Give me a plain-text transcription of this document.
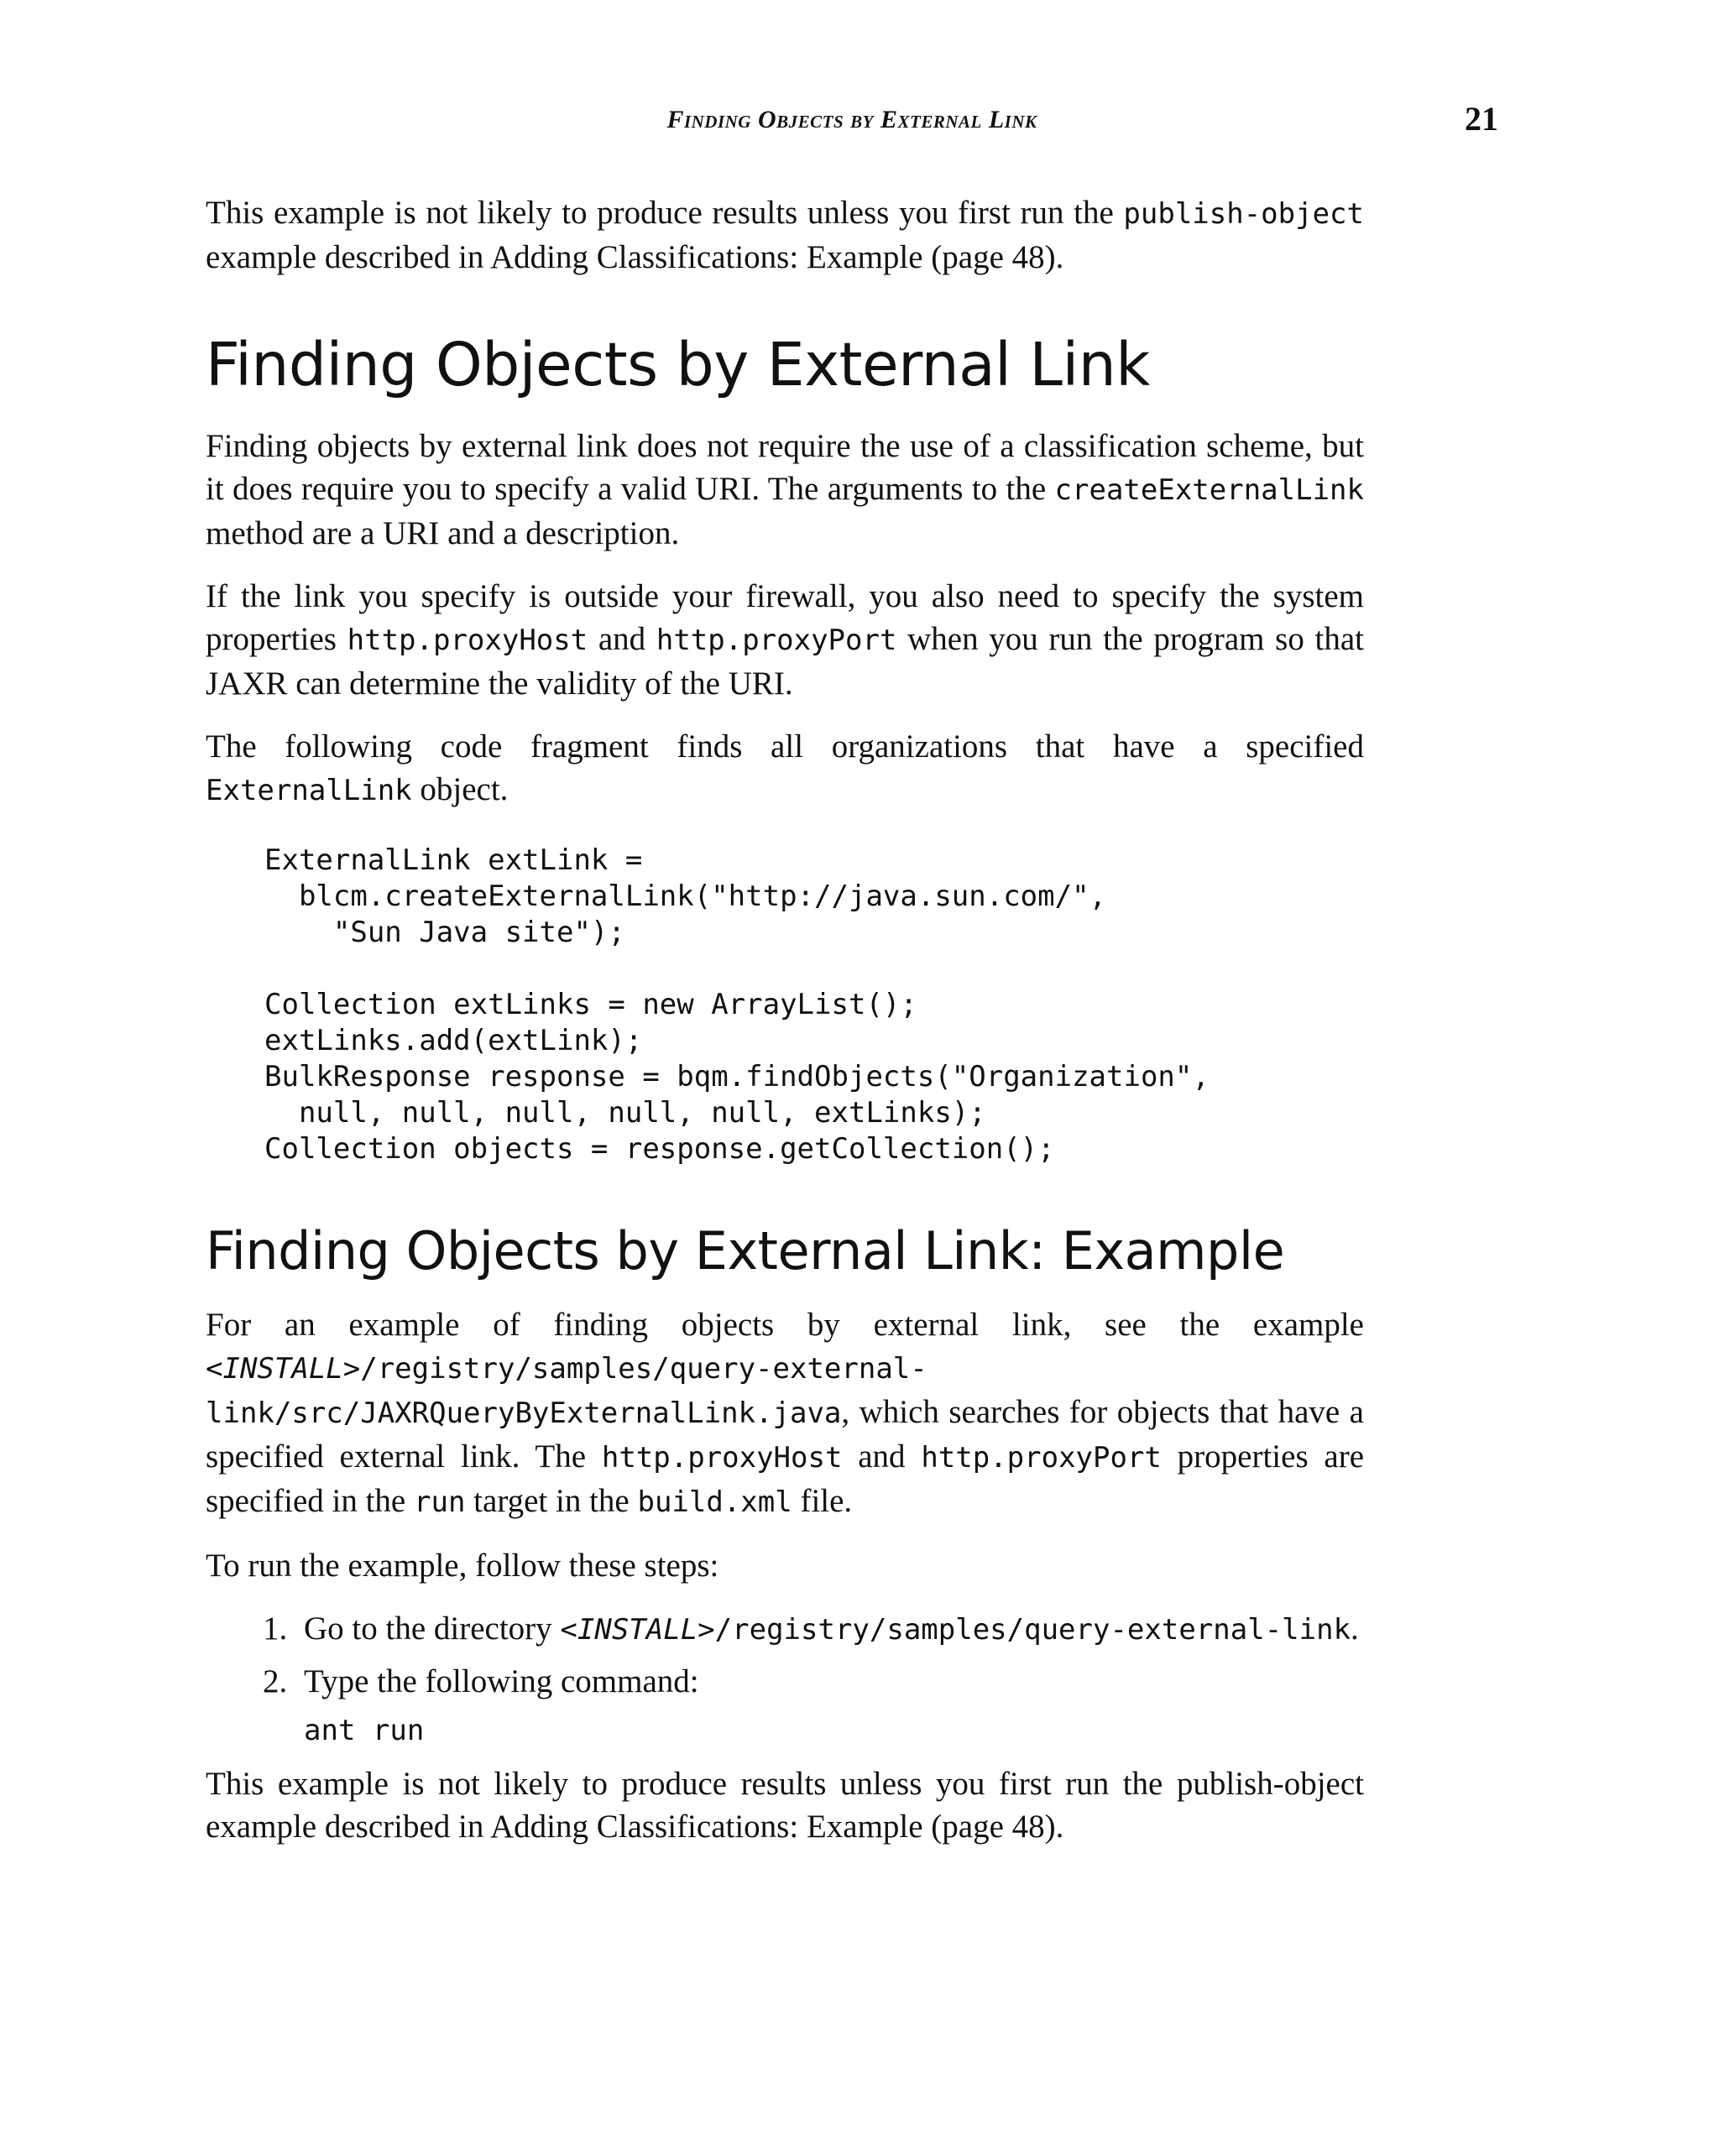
Finding Objects by External Link	21

This example is not likely to produce results unless you first run the publish-object example described in Adding Classifications: Example (page 48).

Finding Objects by External Link

Finding objects by external link does not require the use of a classification scheme, but it does require you to specify a valid URI. The arguments to the createExternalLink method are a URI and a description.

If the link you specify is outside your firewall, you also need to specify the system properties http.proxyHost and http.proxyPort when you run the program so that JAXR can determine the validity of the URI.

The following code fragment finds all organizations that have a specified ExternalLink object.

ExternalLink extLink =
blcm.createExternalLink("http://java.sun.com/",
"Sun Java site");

Collection extLinks = new ArrayList();
extLinks.add(extLink);
BulkResponse response = bqm.findObjects("Organization",
null, null, null, null, null, extLinks);
Collection objects = response.getCollection();
Finding Objects by External Link: Example

For an example of finding objects by external link, see the example <INSTALL>/registry/samples/query-external-link/src/JAXRQueryByExternalLink.java, which searches for objects that have a specified external link. The http.proxyHost and http.proxyPort properties are specified in the run target in the build.xml file.

To run the example, follow these steps:

1. Go to the directory <INSTALL>/registry/samples/query-external-link.
2. Type the following command:
ant run

This example is not likely to produce results unless you first run the publish-object example described in Adding Classifications: Example (page 48).
